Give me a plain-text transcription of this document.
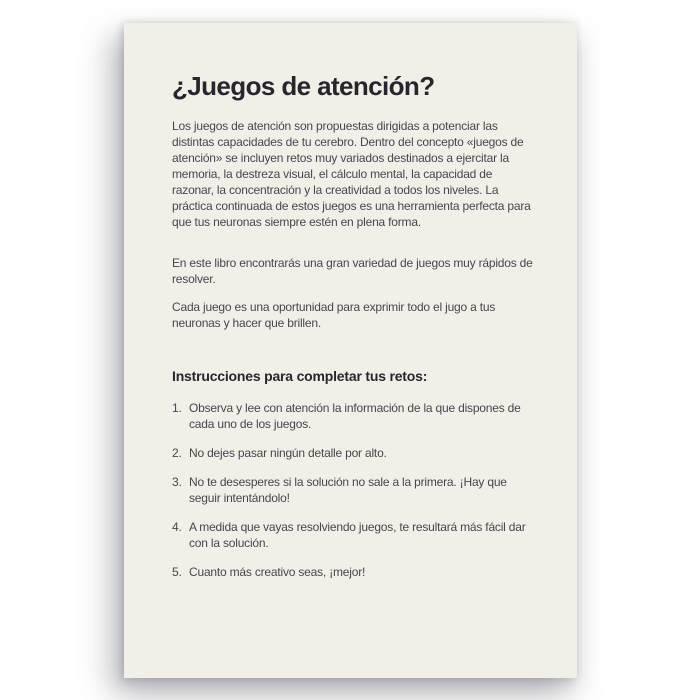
¿Juegos de atención?

Los juegos de atención son propuestas dirigidas a potenciar las distintas capacidades de tu cerebro. Dentro del concepto «juegos de atención» se incluyen retos muy variados destinados a ejercitar la memoria, la destreza visual, el cálculo mental, la capacidad de razonar, la concentración y la creatividad a todos los niveles. La práctica continuada de estos juegos es una herramienta perfecta para que tus neuronas siempre estén en plena forma.

En este libro encontrarás una gran variedad de juegos muy rápidos de resolver.

Cada juego es una oportunidad para exprimir todo el jugo a tus neuronas y hacer que brillen.

Instrucciones para completar tus retos:
1. Observa y lee con atención la información de la que dispones de cada uno de los juegos.
2. No dejes pasar ningún detalle por alto.
3. No te desesperes si la solución no sale a la primera. ¡Hay que seguir intentándolo!
4. A medida que vayas resolviendo juegos, te resultará más fácil dar con la solución.
5. Cuanto más creativo seas, ¡mejor!
